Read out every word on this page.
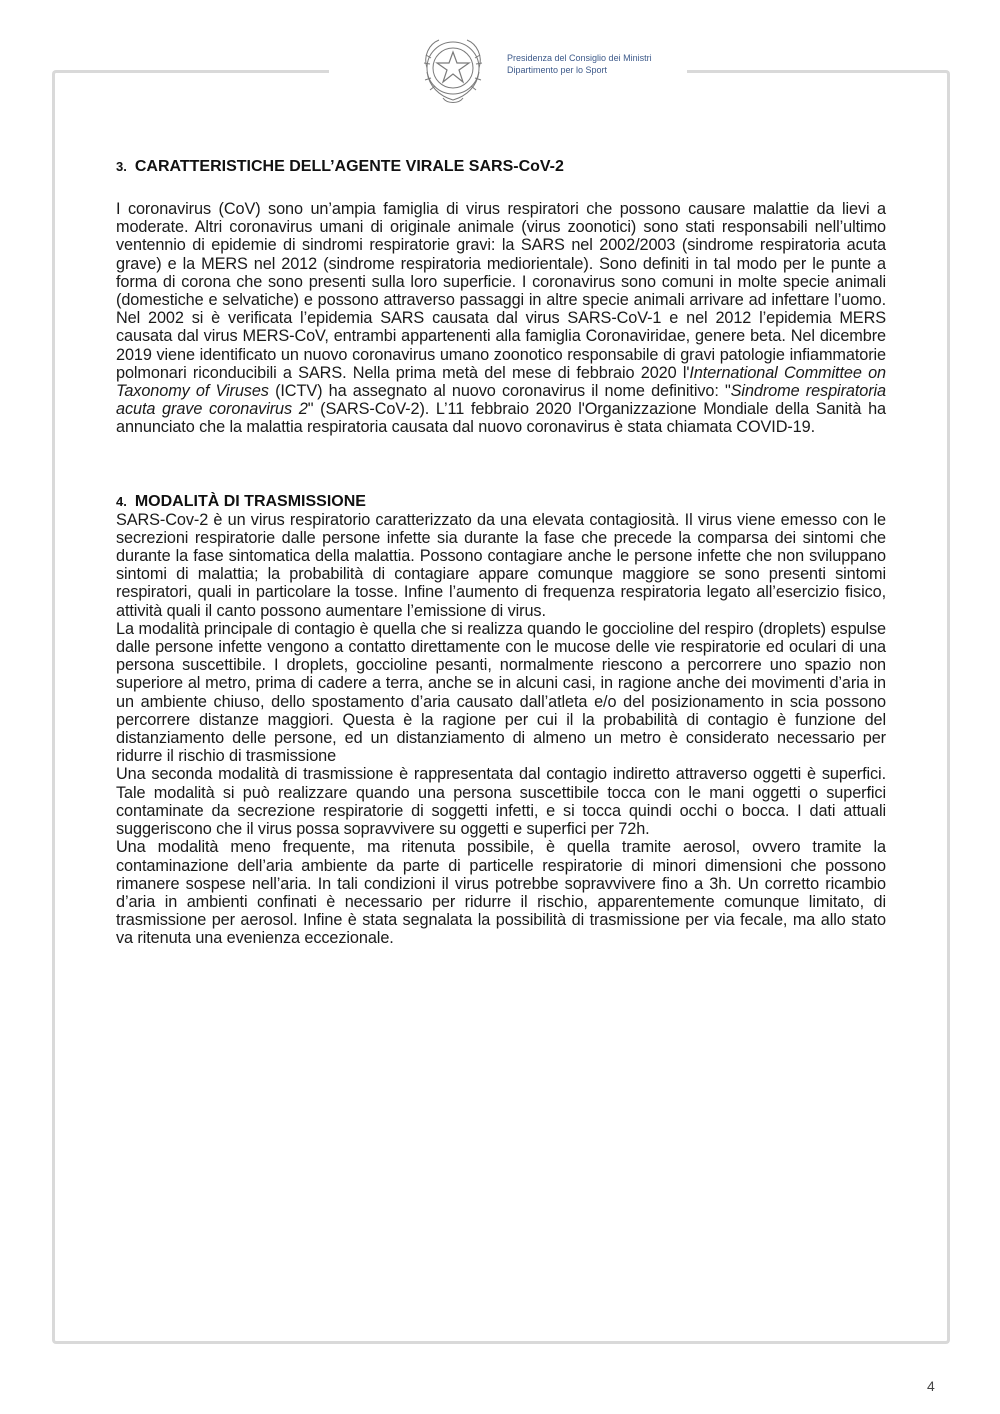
Presidenza del Consiglio dei Ministri
Dipartimento per lo Sport
3. CARATTERISTICHE DELL’AGENTE VIRALE SARS-CoV-2

I coronavirus (CoV) sono un’ampia famiglia di virus respiratori che possono causare malattie da lievi a moderate. Altri coronavirus umani di originale animale (virus zoonotici) sono stati responsabili nell’ultimo ventennio di epidemie di sindromi respiratorie gravi: la SARS nel 2002/2003 (sindrome respiratoria acuta grave) e la MERS nel 2012 (sindrome respiratoria mediorientale). Sono definiti in tal modo per le punte a forma di corona che sono presenti sulla loro superficie. I coronavirus sono comuni in molte specie animali (domestiche e selvatiche) e possono attraverso passaggi in altre specie animali arrivare ad infettare l’uomo. Nel 2002 si è verificata l’epidemia SARS causata dal virus SARS-CoV-1 e nel 2012 l’epidemia MERS causata dal virus MERS-CoV, entrambi appartenenti alla famiglia Coronaviridae, genere beta. Nel dicembre 2019 viene identificato un nuovo coronavirus umano zoonotico responsabile di gravi patologie infiammatorie polmonari riconducibili a SARS. Nella prima metà del mese di febbraio 2020 l'International Committee on Taxonomy of Viruses (ICTV) ha assegnato al nuovo coronavirus il nome definitivo: "Sindrome respiratoria acuta grave coronavirus 2" (SARS-CoV-2). L’11 febbraio 2020 l'Organizzazione Mondiale della Sanità ha annunciato che la malattia respiratoria causata dal nuovo coronavirus è stata chiamata COVID-19.

4. MODALITÀ DI TRASMISSIONE

SARS-Cov-2 è un virus respiratorio caratterizzato da una elevata contagiosità. Il virus viene emesso con le secrezioni respiratorie dalle persone infette sia durante la fase che precede la comparsa dei sintomi che durante la fase sintomatica della malattia. Possono contagiare anche le persone infette che non sviluppano sintomi di malattia; la probabilità di contagiare appare comunque maggiore se sono presenti sintomi respiratori, quali in particolare la tosse. Infine l’aumento di frequenza respiratoria legato all’esercizio fisico, attività quali il canto possono aumentare l’emissione di virus.

La modalità principale di contagio è quella che si realizza quando le goccioline del respiro (droplets) espulse dalle persone infette vengono a contatto direttamente con le mucose delle vie respiratorie ed oculari di una persona suscettibile. I droplets, goccioline pesanti, normalmente riescono a percorrere uno spazio non superiore al metro, prima di cadere a terra, anche se in alcuni casi, in ragione anche dei movimenti d’aria in un ambiente chiuso, dello spostamento d’aria causato dall’atleta e/o del posizionamento in scia possono percorrere distanze maggiori. Questa è la ragione per cui il la probabilità di contagio è funzione del distanziamento delle persone, ed un distanziamento di almeno un metro è considerato necessario per ridurre il rischio di trasmissione

Una seconda modalità di trasmissione è rappresentata dal contagio indiretto attraverso oggetti è superfici. Tale modalità si può realizzare quando una persona suscettibile tocca con le mani oggetti o superfici contaminate da secrezione respiratorie di soggetti infetti, e si tocca quindi occhi o bocca. I dati attuali suggeriscono che il virus possa sopravvivere su oggetti e superfici per 72h.

Una modalità meno frequente, ma ritenuta possibile, è quella tramite aerosol, ovvero tramite la contaminazione dell’aria ambiente da parte di particelle respiratorie di minori dimensioni che possono rimanere sospese nell’aria. In tali condizioni il virus potrebbe sopravvivere fino a 3h. Un corretto ricambio d’aria in ambienti confinati è necessario per ridurre il rischio, apparentemente comunque limitato, di trasmissione per aerosol. Infine è stata segnalata la possibilità di trasmissione per via fecale, ma allo stato va ritenuta una evenienza eccezionale.

4
